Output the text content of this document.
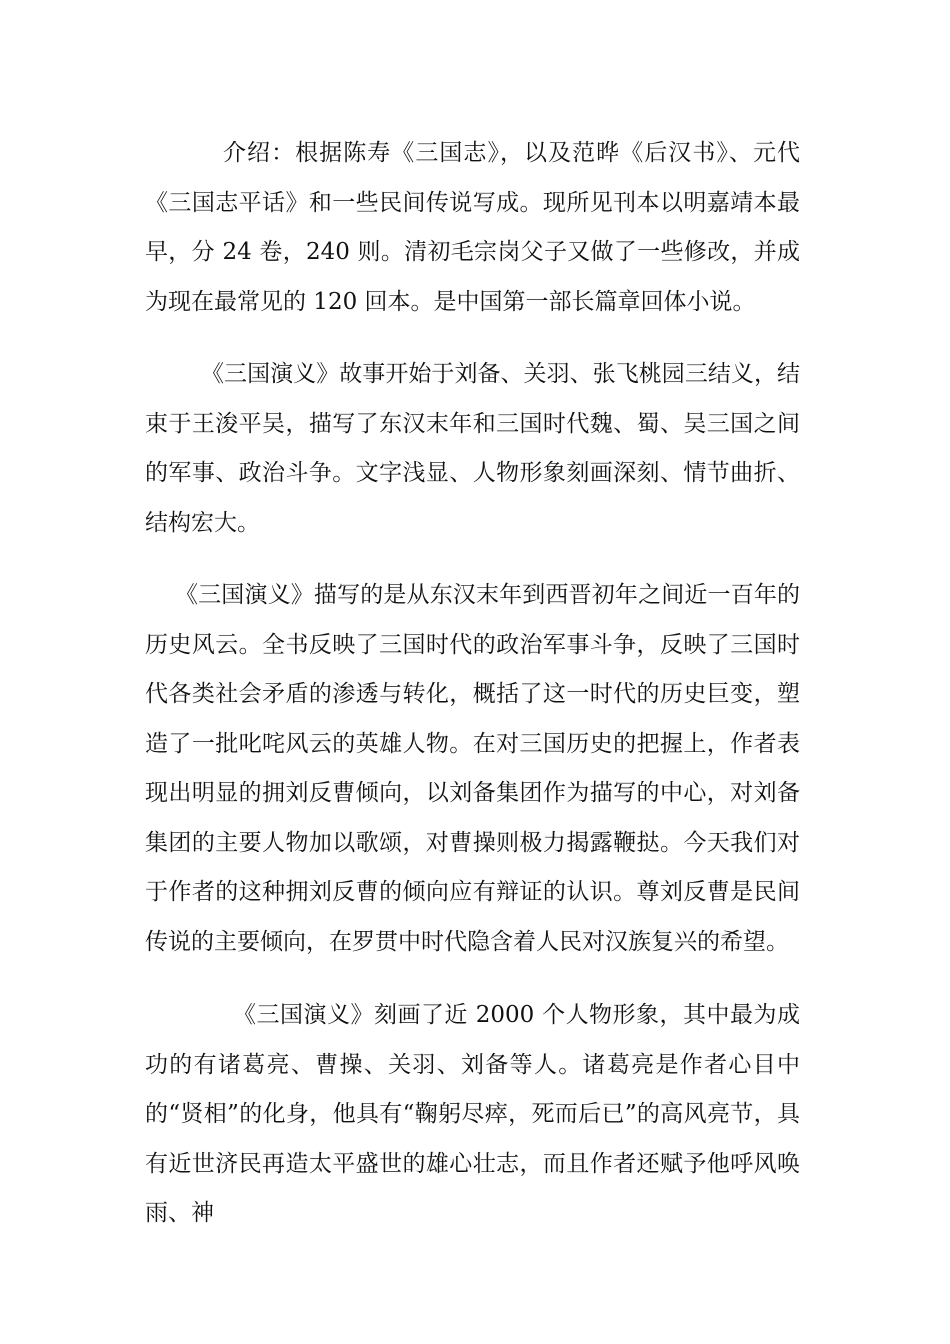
介绍：根据陈寿《三国志》，以及范晔《后汉书》、元代《三国志平话》和一些民间传说写成。现所见刊本以明嘉靖本最早，分 24 卷，240 则。清初毛宗岗父子又做了一些修改，并成为现在最常见的 120 回本。是中国第一部长篇章回体小说。

《三国演义》故事开始于刘备、关羽、张飞桃园三结义，结束于王浚平吴，描写了东汉末年和三国时代魏、蜀、吴三国之间的军事、政治斗争。文字浅显、人物形象刻画深刻、情节曲折、结构宏大。

《三国演义》描写的是从东汉末年到西晋初年之间近一百年的历史风云。全书反映了三国时代的政治军事斗争，反映了三国时代各类社会矛盾的渗透与转化，概括了这一时代的历史巨变，塑造了一批叱咤风云的英雄人物。在对三国历史的把握上，作者表现出明显的拥刘反曹倾向，以刘备集团作为描写的中心，对刘备集团的主要人物加以歌颂，对曹操则极力揭露鞭挞。今天我们对于作者的这种拥刘反曹的倾向应有辩证的认识。尊刘反曹是民间传说的主要倾向，在罗贯中时代隐含着人民对汉族复兴的希望。

《三国演义》刻画了近 2000 个人物形象，其中最为成功的有诸葛亮、曹操、关羽、刘备等人。诸葛亮是作者心目中的“贤相”的化身，他具有“鞠躬尽瘁，死而后已”的高风亮节，具有近世济民再造太平盛世的雄心壮志，而且作者还赋予他呼风唤雨、神
